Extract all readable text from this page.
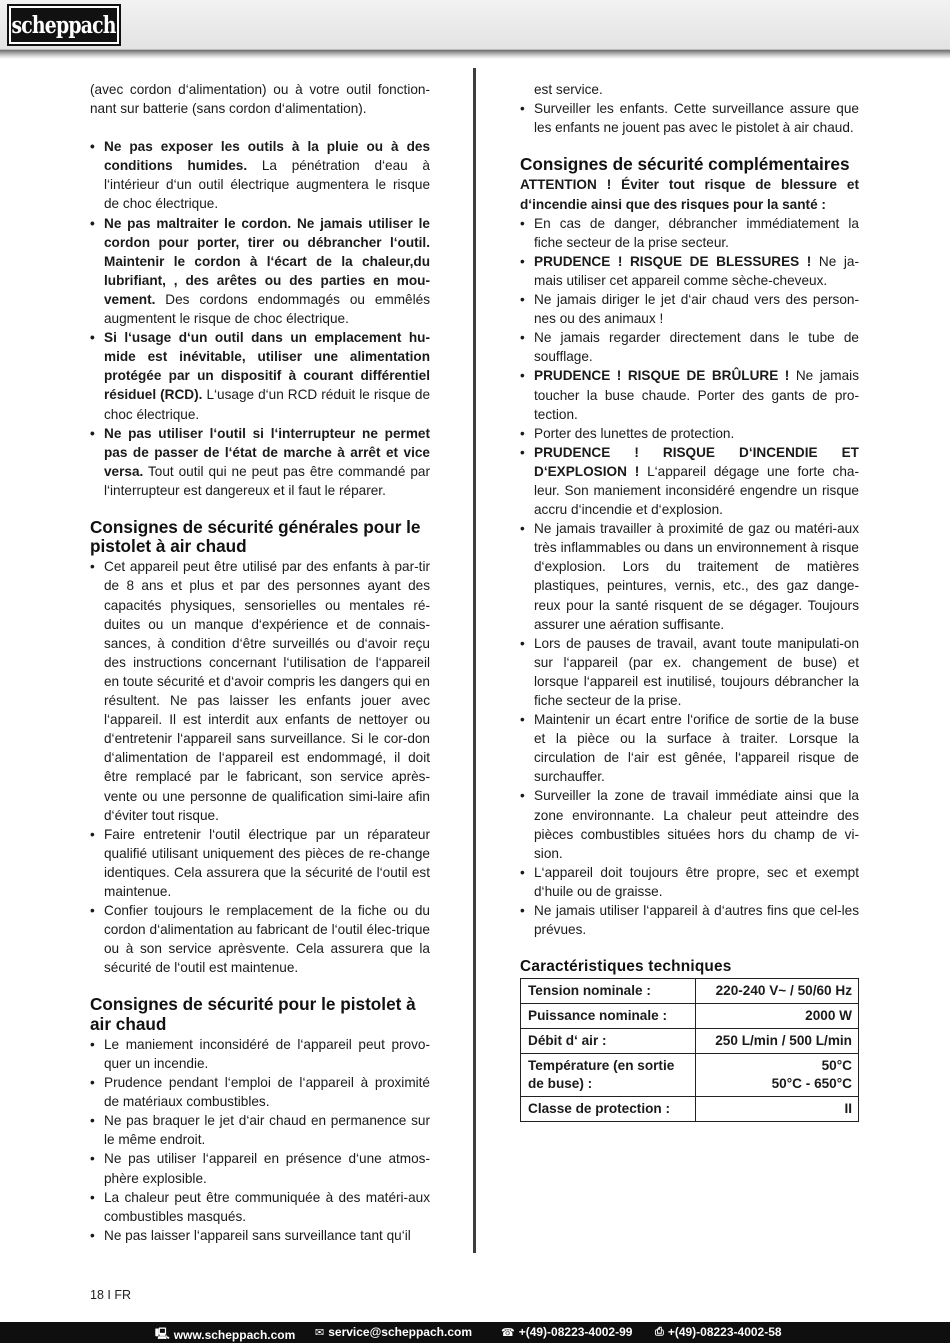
scheppach

(avec cordon d‘alimentation) ou à votre outil fonction-nant sur batterie (sans cordon d‘alimentation).

• Ne pas exposer les outils à la pluie ou à des conditions humides. La pénétration d‘eau à l‘intérieur d‘un outil électrique augmentera le risque de choc électrique.
• Ne pas maltraiter le cordon. Ne jamais utiliser le cordon pour porter, tirer ou débrancher l‘outil. Maintenir le cordon à l‘écart de la chaleur,du lubrifiant, , des arêtes ou des parties en mou-vement. Des cordons endommagés ou emmêlés augmentent le risque de choc électrique.
• Si l‘usage d‘un outil dans un emplacement hu-mide est inévitable, utiliser une alimentation protégée par un dispositif à courant différentiel résiduel (RCD). L‘usage d‘un RCD réduit le risque de choc électrique.
• Ne pas utiliser l‘outil si l‘interrupteur ne permet pas de passer de l‘état de marche à arrêt et vice versa. Tout outil qui ne peut pas être commandé par l‘interrupteur est dangereux et il faut le réparer.
Consignes de sécurité générales pour le pistolet à air chaud
• Cet appareil peut être utilisé par des enfants à par-tir de 8 ans et plus et par des personnes ayant des capacités physiques, sensorielles ou mentales ré-duites ou un manque d‘expérience et de connais-sances, à condition d‘être surveillés ou d‘avoir reçu des instructions concernant l‘utilisation de l‘appareil en toute sécurité et d‘avoir compris les dangers qui en résultent. Ne pas laisser les enfants jouer avec l‘appareil. Il est interdit aux enfants de nettoyer ou d‘entretenir l‘appareil sans surveillance. Si le cor-don d‘alimentation de l‘appareil est endommagé, il doit être remplacé par le fabricant, son service après-vente ou une personne de qualification simi-laire afin d‘éviter tout risque.
• Faire entretenir l‘outil électrique par un réparateur qualifié utilisant uniquement des pièces de re-change identiques. Cela assurera que la sécurité de l‘outil est maintenue.
• Confier toujours le remplacement de la fiche ou du cordon d‘alimentation au fabricant de l‘outil élec-trique ou à son service aprèsvente. Cela assurera que la sécurité de l‘outil est maintenue.
Consignes de sécurité pour le pistolet à air chaud
• Le maniement inconsidéré de l‘appareil peut provo-quer un incendie.
• Prudence pendant l‘emploi de l‘appareil à proximité de matériaux combustibles.
• Ne pas braquer le jet d‘air chaud en permanence sur le même endroit.
• Ne pas utiliser l‘appareil en présence d‘une atmos-phère explosible.
• La chaleur peut être communiquée à des matéri-aux combustibles masqués.
• Ne pas laisser l‘appareil sans surveillance tant qu‘il

est service.

• Surveiller les enfants. Cette surveillance assure que les enfants ne jouent pas avec le pistolet à air chaud.
Consignes de sécurité complémentaires

ATTENTION ! Éviter tout risque de blessure et d‘incendie ainsi que des risques pour la santé :

• En cas de danger, débrancher immédiatement la fiche secteur de la prise secteur.
• PRUDENCE ! RISQUE DE BLESSURES ! Ne ja-mais utiliser cet appareil comme sèche-cheveux.
• Ne jamais diriger le jet d‘air chaud vers des person-nes ou des animaux !
• Ne jamais regarder directement dans le tube de soufflage.
• PRUDENCE ! RISQUE DE BRÛLURE ! Ne jamais toucher la buse chaude. Porter des gants de pro-tection.
• Porter des lunettes de protection.
• PRUDENCE ! RISQUE D‘INCENDIE ET D‘EXPLOSION ! L‘appareil dégage une forte cha-leur. Son maniement inconsidéré engendre un risque accru d‘incendie et d‘explosion.
• Ne jamais travailler à proximité de gaz ou matéri-aux très inflammables ou dans un environnement à risque d‘explosion. Lors du traitement de matières plastiques, peintures, vernis, etc., des gaz dange-reux pour la santé risquent de se dégager. Toujours assurer une aération suffisante.
• Lors de pauses de travail, avant toute manipulati-on sur l‘appareil (par ex. changement de buse) et lorsque l‘appareil est inutilisé, toujours débrancher la fiche secteur de la prise.
• Maintenir un écart entre l‘orifice de sortie de la buse et la pièce ou la surface à traiter. Lorsque la circulation de l‘air est gênée, l‘appareil risque de surchauffer.
• Surveiller la zone de travail immédiate ainsi que la zone environnante. La chaleur peut atteindre des pièces combustibles situées hors du champ de vi-sion.
• L‘appareil doit toujours être propre, sec et exempt d‘huile ou de graisse.
• Ne jamais utiliser l‘appareil à d‘autres fins que cel-les prévues.
Caractéristiques techniques
Tension nominale :	220-240 V~ / 50/60 Hz
Puissance nominale :	2000 W
Débit d‘ air :	250 L/min / 500 L/min
Température (en sortie de buse) :	50°C
50°C - 650°C

Classe de protection :	II
18 I FR
🖳 www.scheppach.com ✉ service@scheppach.com	☎ +(49)-08223-4002-99 ⎙ +(49)-08223-4002-58
